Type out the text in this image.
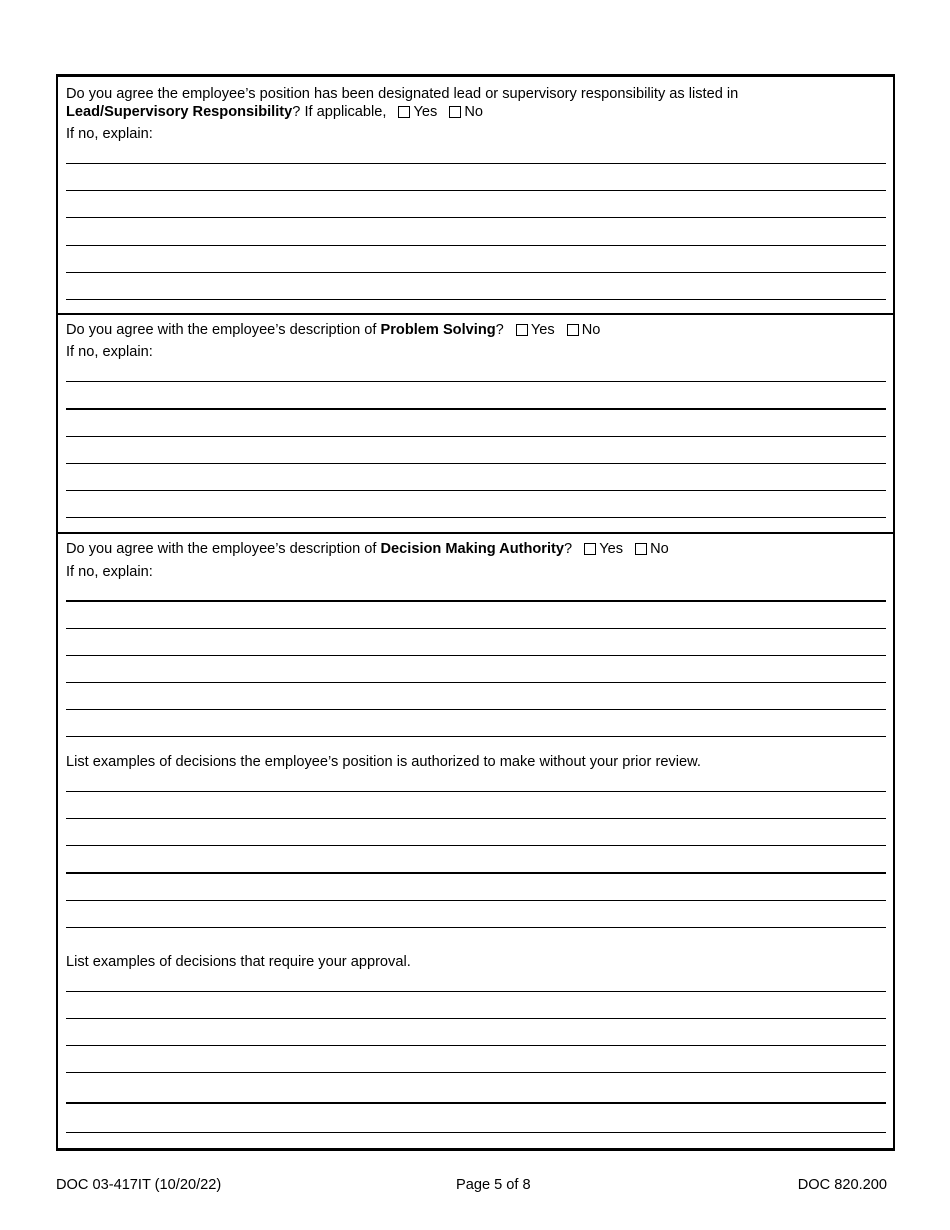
Do you agree the employee’s position has been designated lead or supervisory responsibility as listed in
Lead/Supervisory Responsibility? If applicable, Yes No
If no, explain:
Do you agree with the employee’s description of Problem Solving? Yes No
If no, explain:
Do you agree with the employee’s description of Decision Making Authority? Yes No
If no, explain:
List examples of decisions the employee’s position is authorized to make without your prior review.
List examples of decisions that require your approval.
DOC 03-417IT (10/20/22)	Page 5 of 8	DOC 820.200
